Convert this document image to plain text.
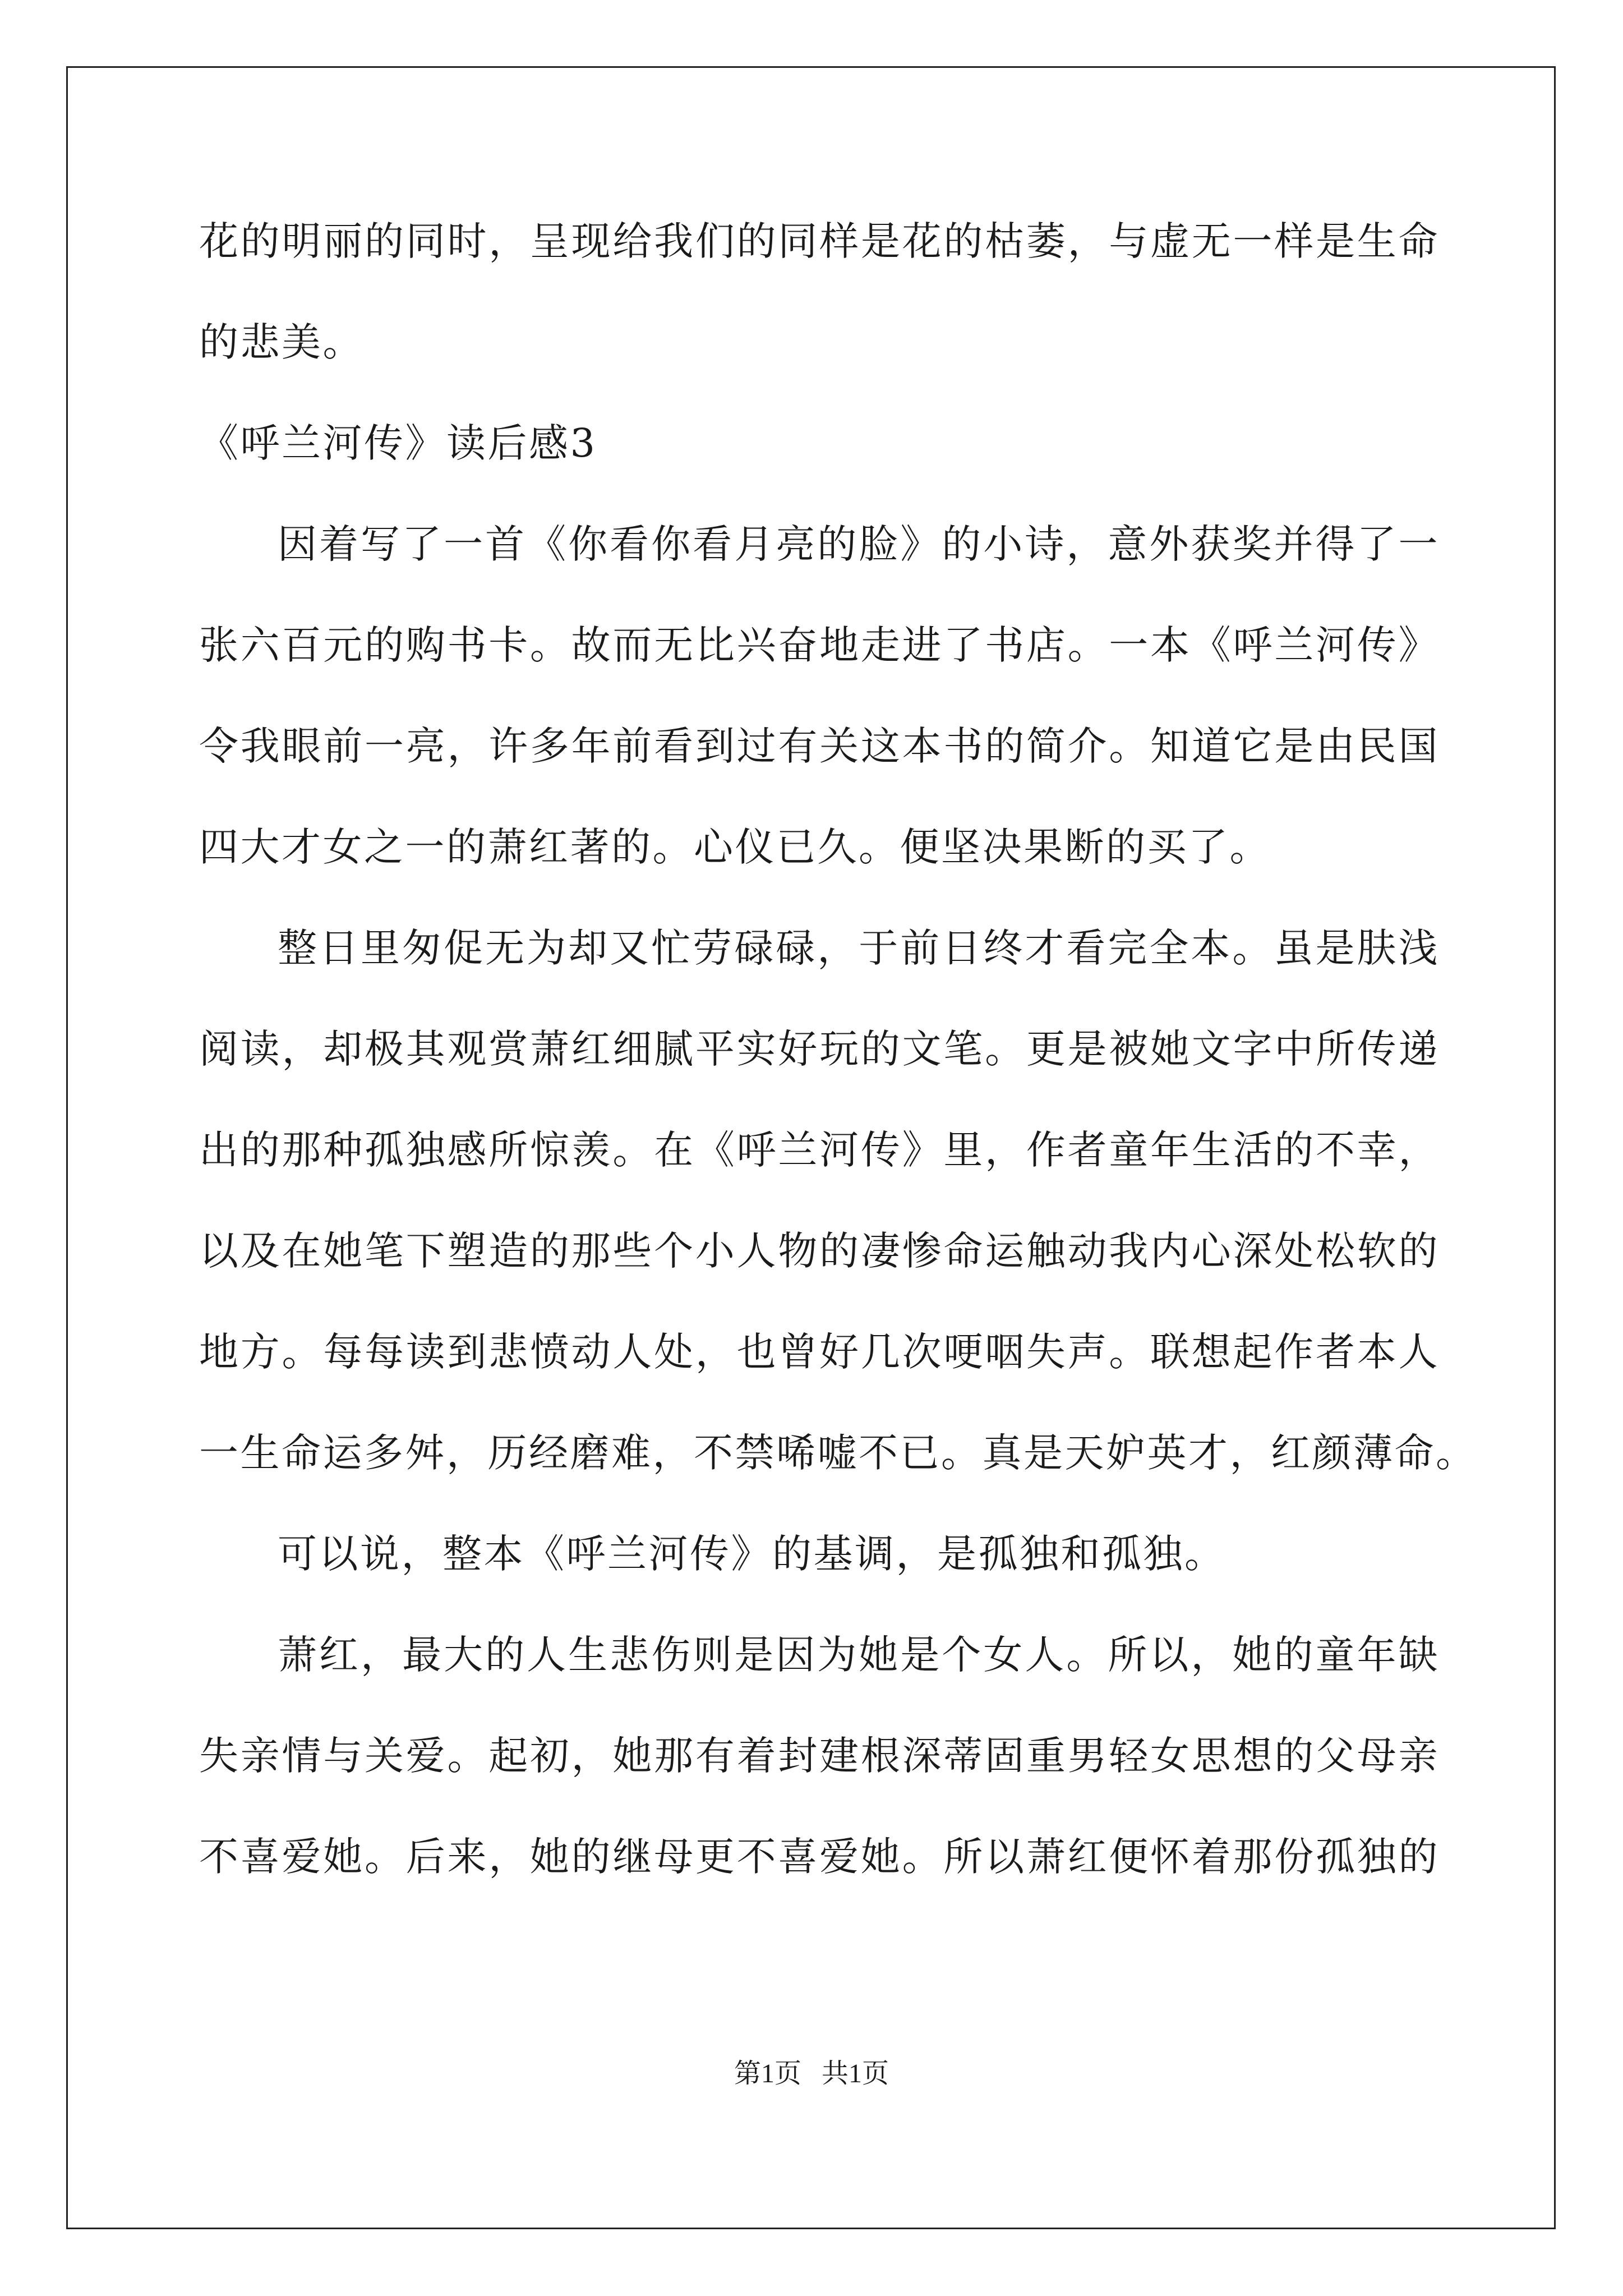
花的明丽的同时，呈现给我们的同样是花的枯萎，与虚无一样是生命
的悲美。
《呼兰河传》读后感3
因着写了一首《你看你看月亮的脸》的小诗，意外获奖并得了一
张六百元的购书卡。故而无比兴奋地走进了书店。一本《呼兰河传》
令我眼前一亮，许多年前看到过有关这本书的简介。知道它是由民国
四大才女之一的萧红著的。心仪已久。便坚决果断的买了。
整日里匆促无为却又忙劳碌碌，于前日终才看完全本。虽是肤浅
阅读，却极其观赏萧红细腻平实好玩的文笔。更是被她文字中所传递
出的那种孤独感所惊羡。在《呼兰河传》里，作者童年生活的不幸，
以及在她笔下塑造的那些个小人物的凄惨命运触动我内心深处松软的
地方。每每读到悲愤动人处，也曾好几次哽咽失声。联想起作者本人
一生命运多舛，历经磨难，不禁唏嘘不已。真是天妒英才，红颜薄命。
可以说，整本《呼兰河传》的基调，是孤独和孤独。
萧红，最大的人生悲伤则是因为她是个女人。所以，她的童年缺
失亲情与关爱。起初，她那有着封建根深蒂固重男轻女思想的父母亲
不喜爱她。后来，她的继母更不喜爱她。所以萧红便怀着那份孤独的
第1页   共1页
